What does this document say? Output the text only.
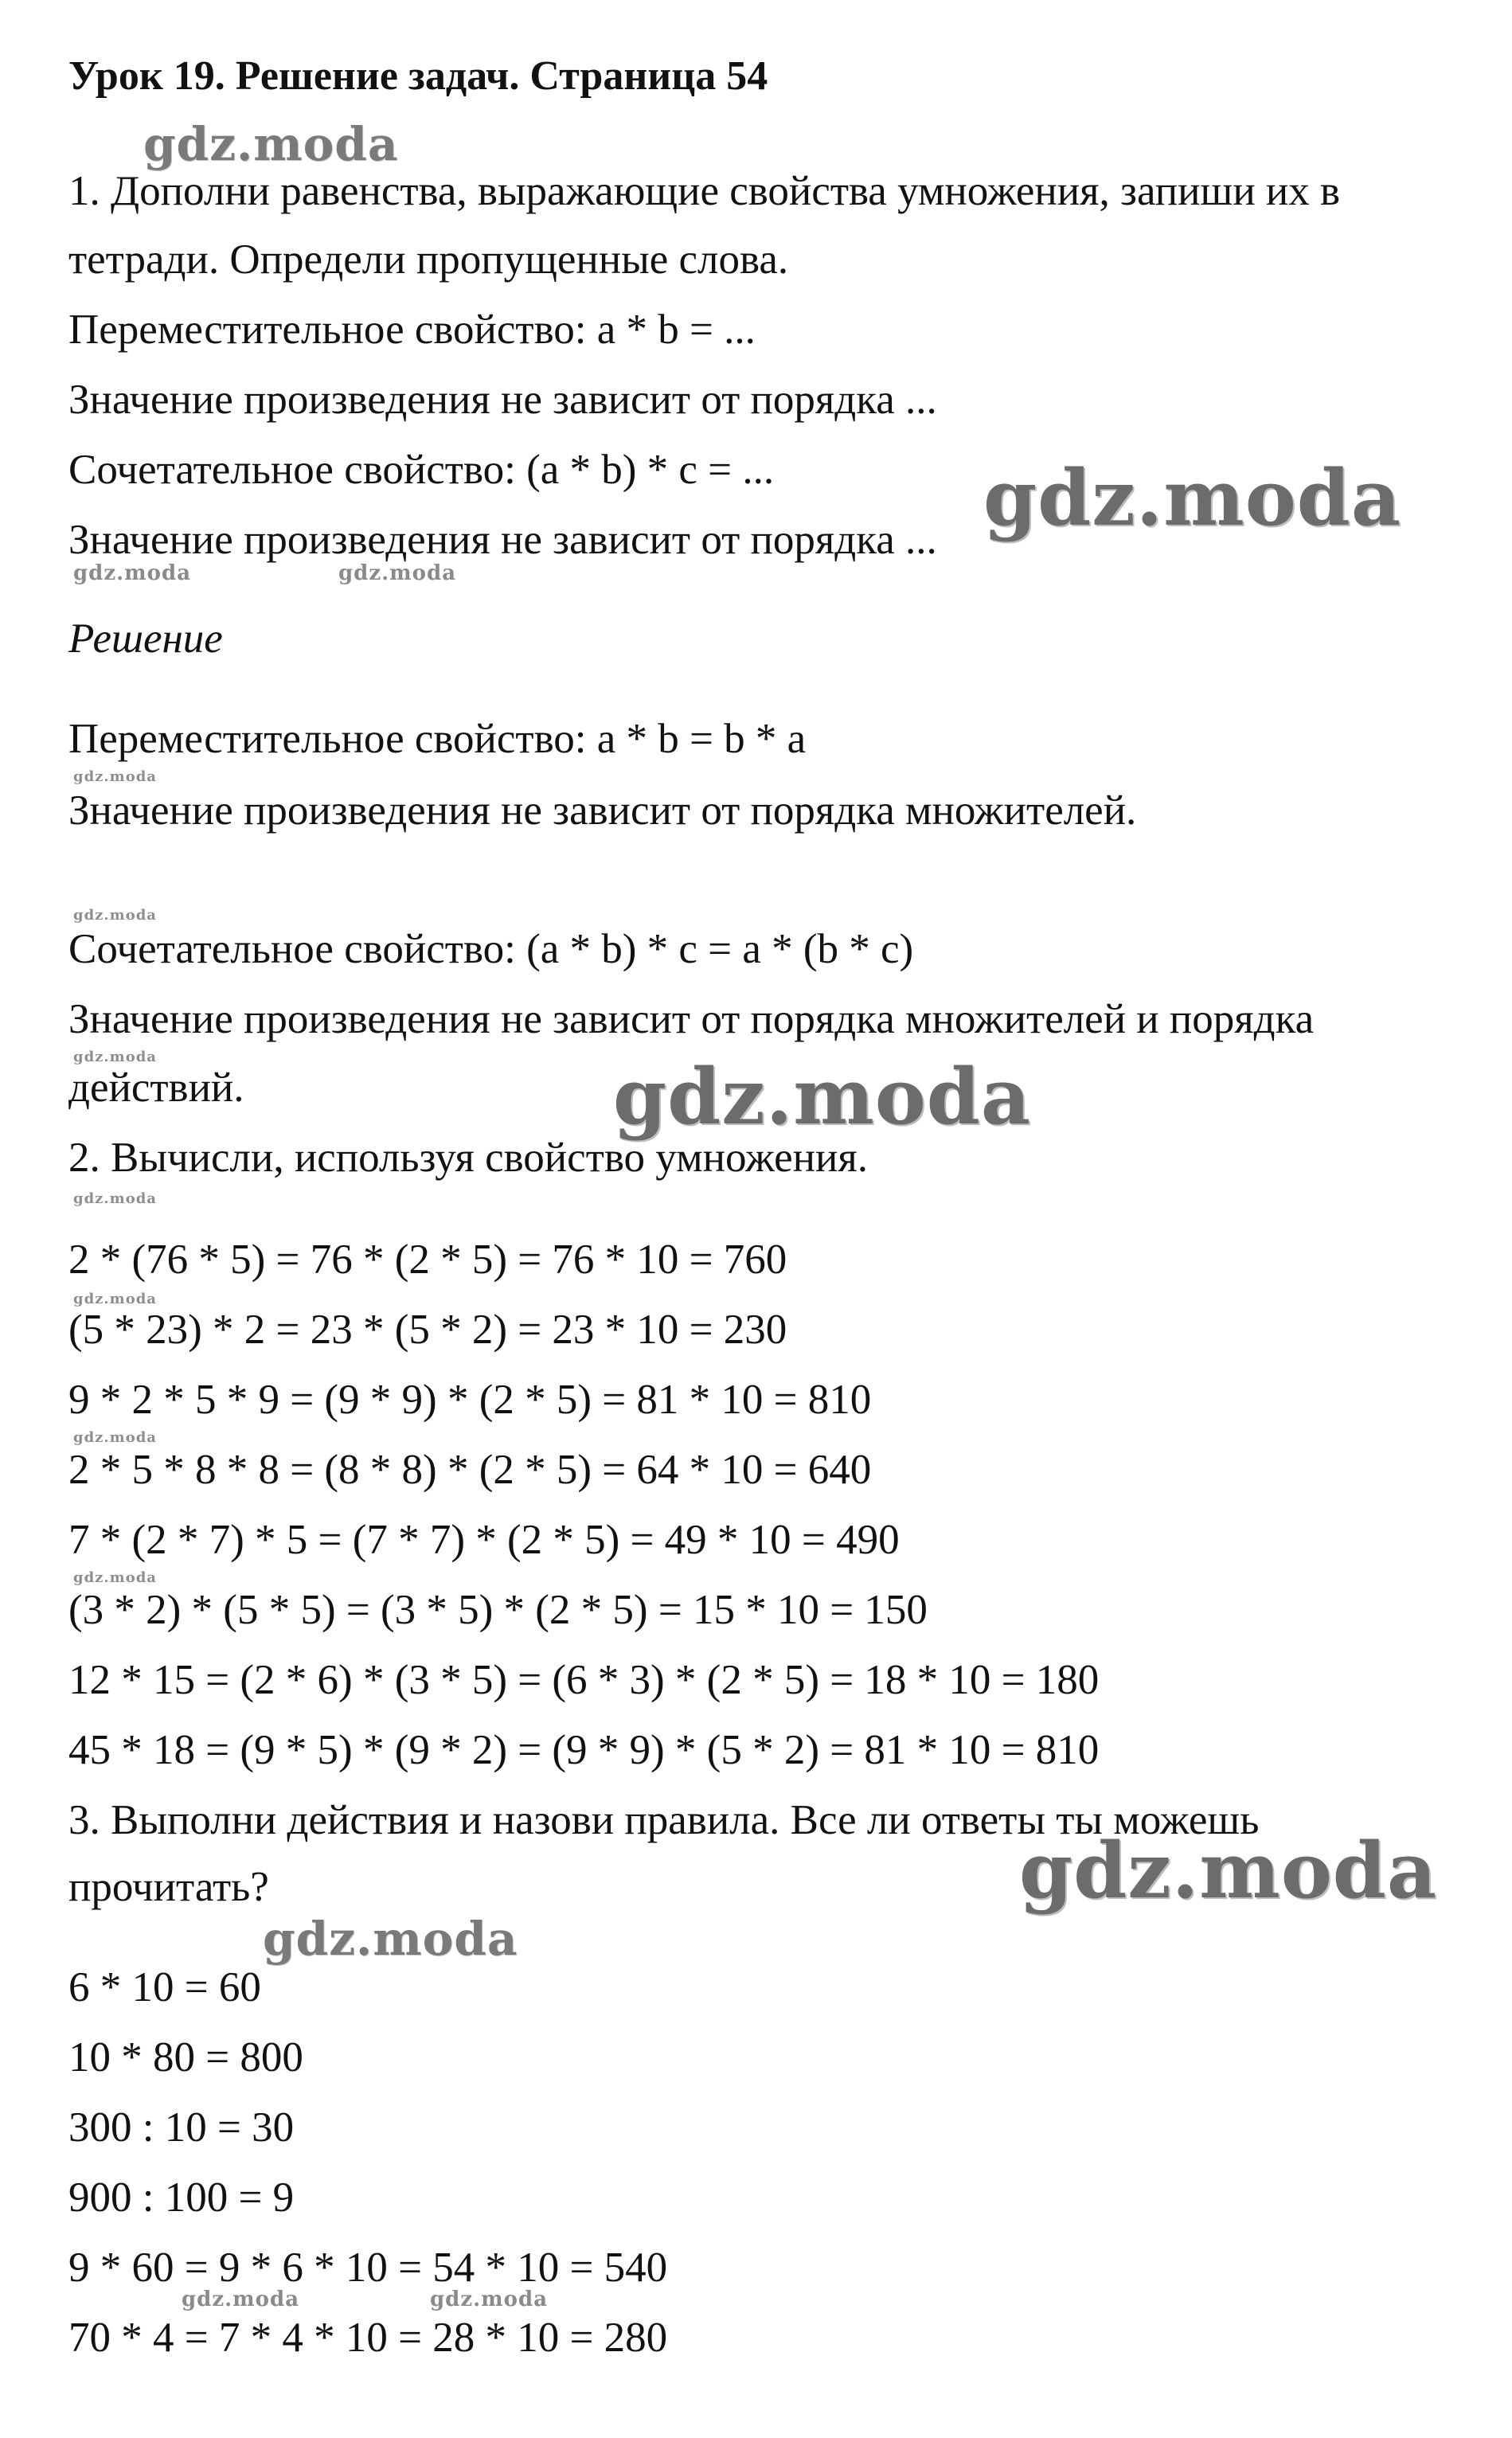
Урок 19. Решение задач. Страница 54
1. Дополни равенства, выражающие свойства умножения, запиши их в
тетради. Определи пропущенные слова.
Переместительное свойство: a * b = ...
Значение произведения не зависит от порядка ...
Сочетательное свойство: (a * b) * c = ...
Значение произведения не зависит от порядка ...
Решение
Переместительное свойство: a * b = b * a
Значение произведения не зависит от порядка множителей.
Сочетательное свойство: (a * b) * c = a * (b * c)
Значение произведения не зависит от порядка множителей и порядка
действий.
2. Вычисли, используя свойство умножения.
2 * (76 * 5) = 76 * (2 * 5) = 76 * 10 = 760
(5 * 23) * 2 = 23 * (5 * 2) = 23 * 10 = 230
9 * 2 * 5 * 9 = (9 * 9) * (2 * 5) = 81 * 10 = 810
2 * 5 * 8 * 8 = (8 * 8) * (2 * 5) = 64 * 10 = 640
7 * (2 * 7) * 5 = (7 * 7) * (2 * 5) = 49 * 10 = 490
(3 * 2) * (5 * 5) = (3 * 5) * (2 * 5) = 15 * 10 = 150
12 * 15 = (2 * 6) * (3 * 5) = (6 * 3) * (2 * 5) = 18 * 10 = 180
45 * 18 = (9 * 5) * (9 * 2) = (9 * 9) * (5 * 2) = 81 * 10 = 810
3. Выполни действия и назови правила. Все ли ответы ты можешь
прочитать?
6 * 10 = 60
10 * 80 = 800
300 : 10 = 30
900 : 100 = 9
9 * 60 = 9 * 6 * 10 = 54 * 10 = 540
70 * 4 = 7 * 4 * 10 = 28 * 10 = 280
gdz.moda
gdz.moda
gdz.moda	gdz.moda
gdz.moda
gdz.moda
gdz.moda	gdz.moda
gdz.moda
gdz.moda
gdz.moda
gdz.moda
gdz.moda
gdz.moda
gdz.moda	gdz.moda
